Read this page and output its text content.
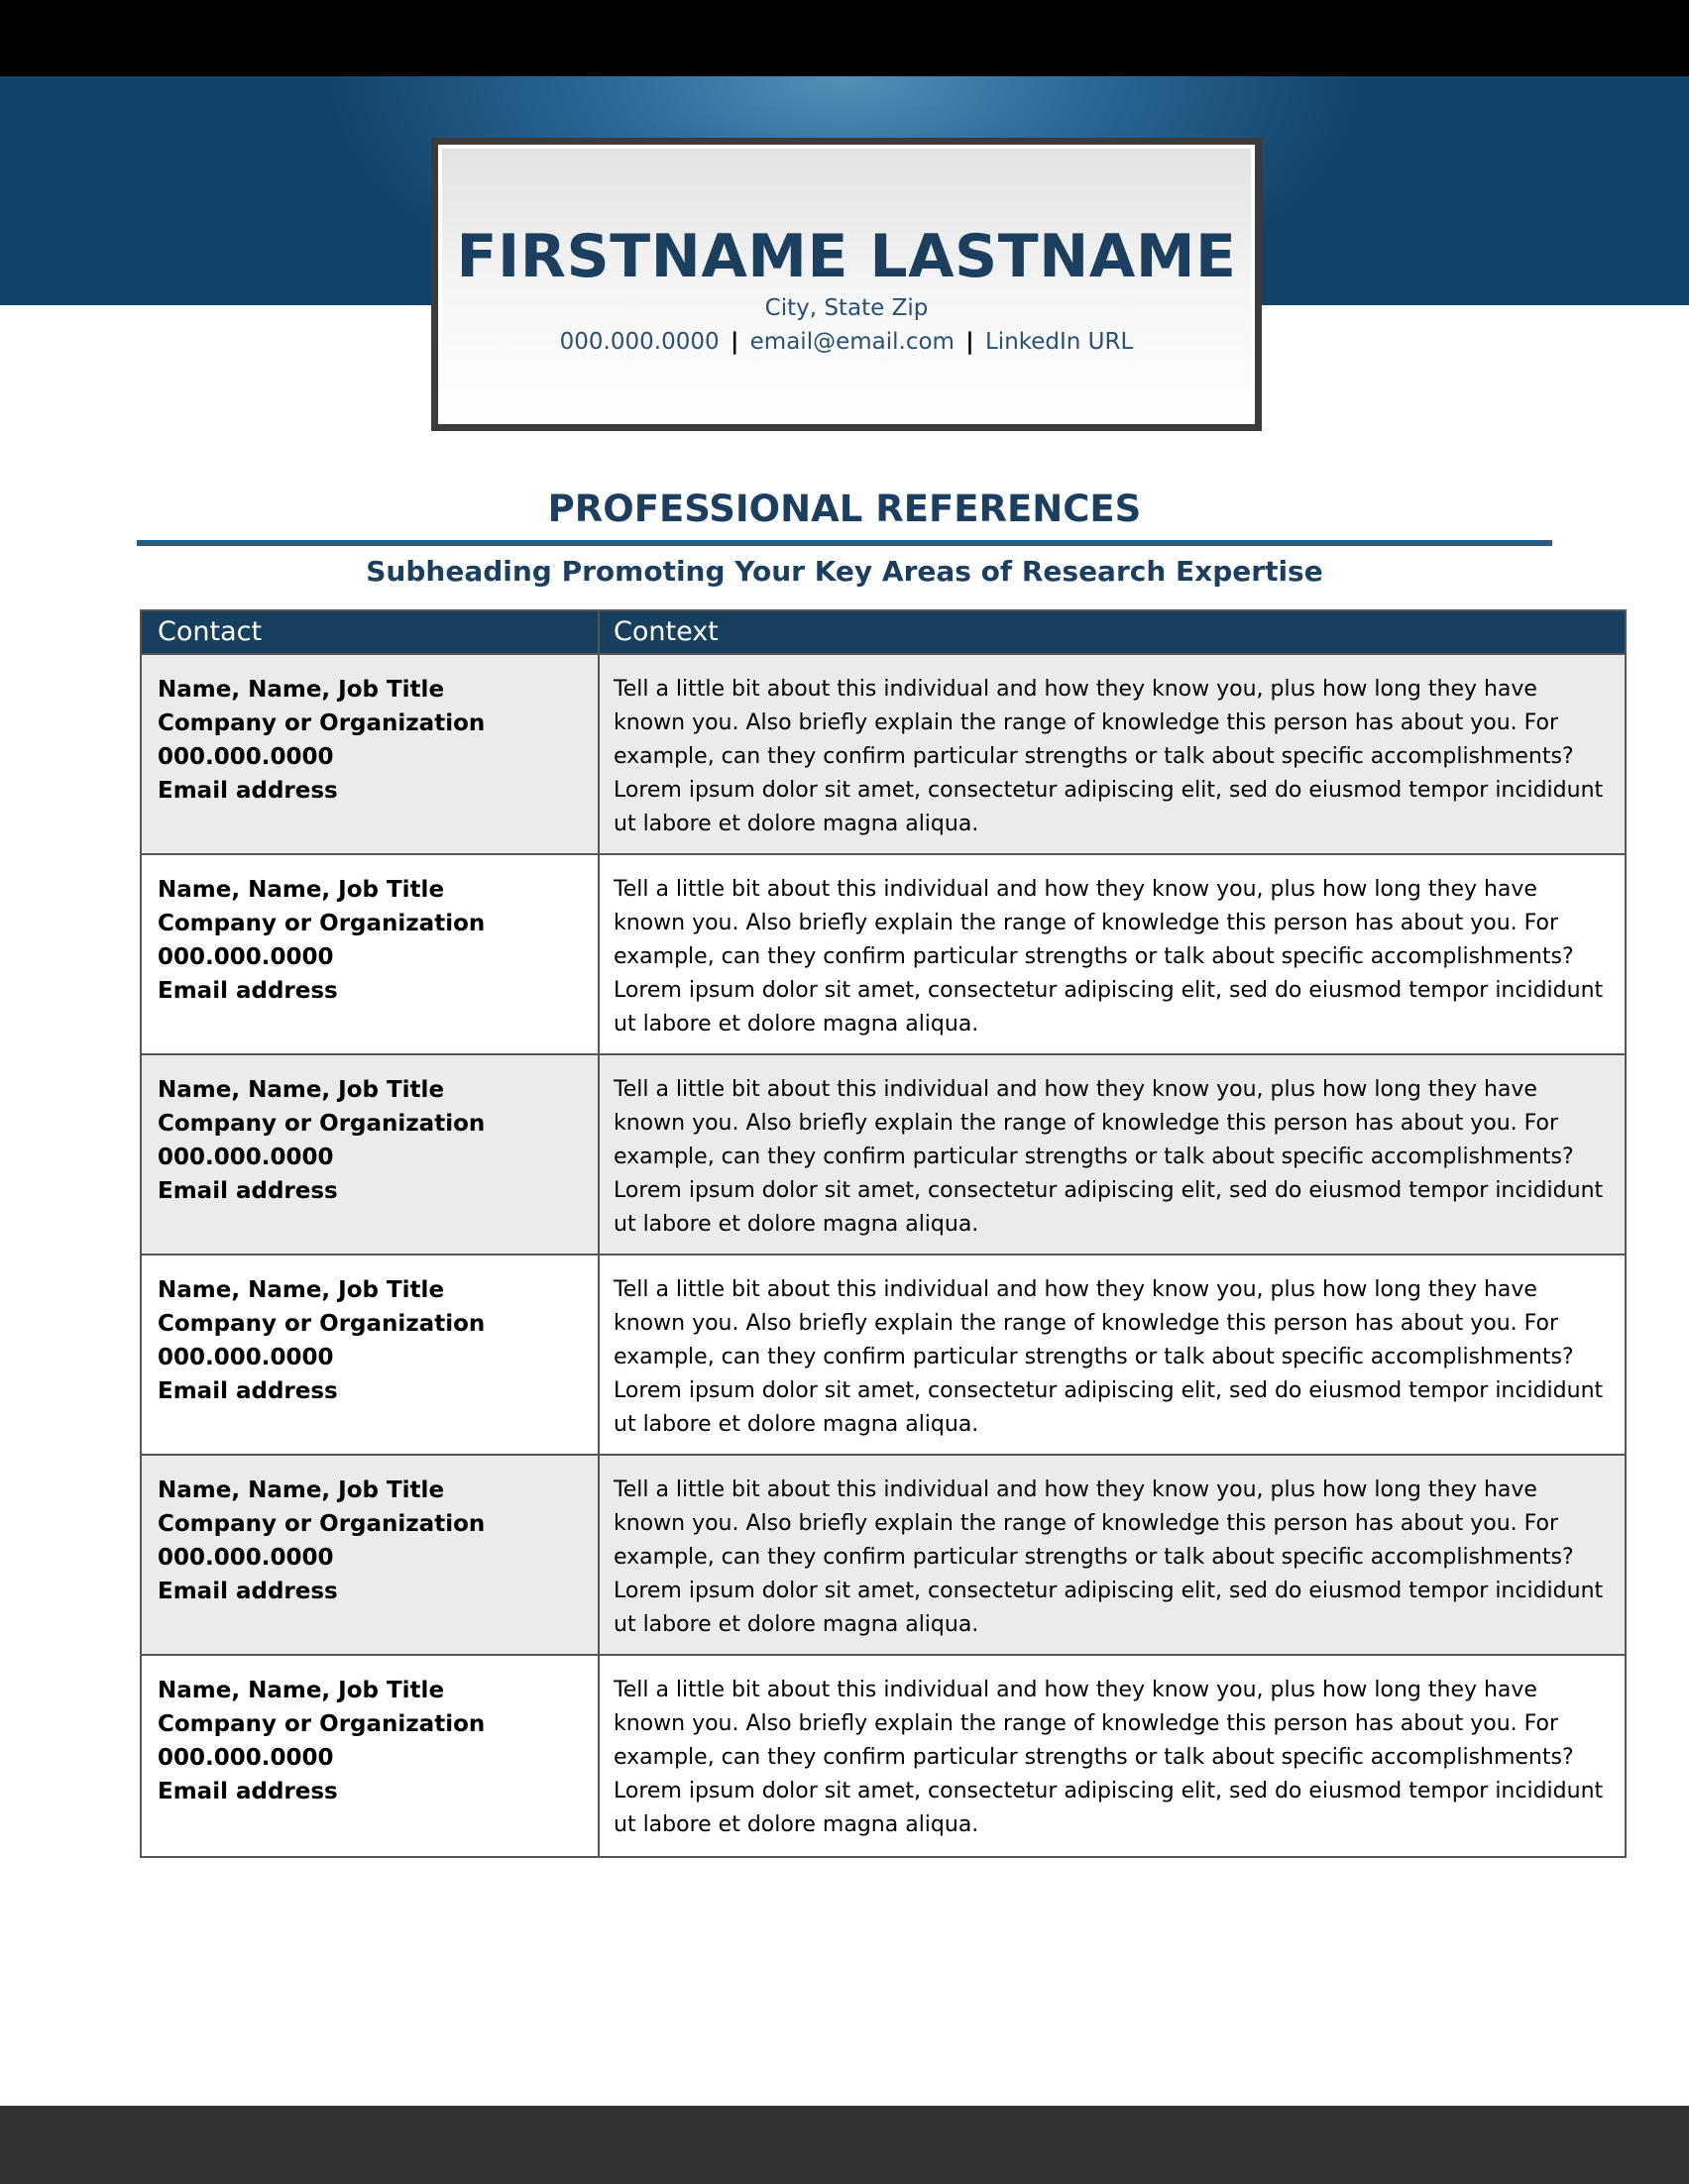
FIRSTNAME LASTNAME

City, State Zip

000.000.0000 | email@email.com | LinkedIn URL

PROFESSIONAL REFERENCES
Subheading Promoting Your Key Areas of Research Expertise
Contact	Context
Name, Name, Job Title
Company or Organization
000.000.0000
Email address

Tell a little bit about this individual and how they know you, plus how long they have known you. Also briefly explain the range of knowledge this person has about you. For example, can they confirm particular strengths or talk about specific accomplishments? Lorem ipsum dolor sit amet, consectetur adipiscing elit, sed do eiusmod tempor incididunt ut labore et dolore magna aliqua.

Name, Name, Job Title
Company or Organization
000.000.0000
Email address

Tell a little bit about this individual and how they know you, plus how long they have known you. Also briefly explain the range of knowledge this person has about you. For example, can they confirm particular strengths or talk about specific accomplishments? Lorem ipsum dolor sit amet, consectetur adipiscing elit, sed do eiusmod tempor incididunt ut labore et dolore magna aliqua.

Name, Name, Job Title
Company or Organization
000.000.0000
Email address

Tell a little bit about this individual and how they know you, plus how long they have known you. Also briefly explain the range of knowledge this person has about you. For example, can they confirm particular strengths or talk about specific accomplishments? Lorem ipsum dolor sit amet, consectetur adipiscing elit, sed do eiusmod tempor incididunt ut labore et dolore magna aliqua.

Name, Name, Job Title
Company or Organization
000.000.0000
Email address

Tell a little bit about this individual and how they know you, plus how long they have known you. Also briefly explain the range of knowledge this person has about you. For example, can they confirm particular strengths or talk about specific accomplishments? Lorem ipsum dolor sit amet, consectetur adipiscing elit, sed do eiusmod tempor incididunt ut labore et dolore magna aliqua.

Name, Name, Job Title
Company or Organization
000.000.0000
Email address

Tell a little bit about this individual and how they know you, plus how long they have known you. Also briefly explain the range of knowledge this person has about you. For example, can they confirm particular strengths or talk about specific accomplishments? Lorem ipsum dolor sit amet, consectetur adipiscing elit, sed do eiusmod tempor incididunt ut labore et dolore magna aliqua.

Name, Name, Job Title
Company or Organization
000.000.0000
Email address

Tell a little bit about this individual and how they know you, plus how long they have known you. Also briefly explain the range of knowledge this person has about you. For example, can they confirm particular strengths or talk about specific accomplishments? Lorem ipsum dolor sit amet, consectetur adipiscing elit, sed do eiusmod tempor incididunt ut labore et dolore magna aliqua.
